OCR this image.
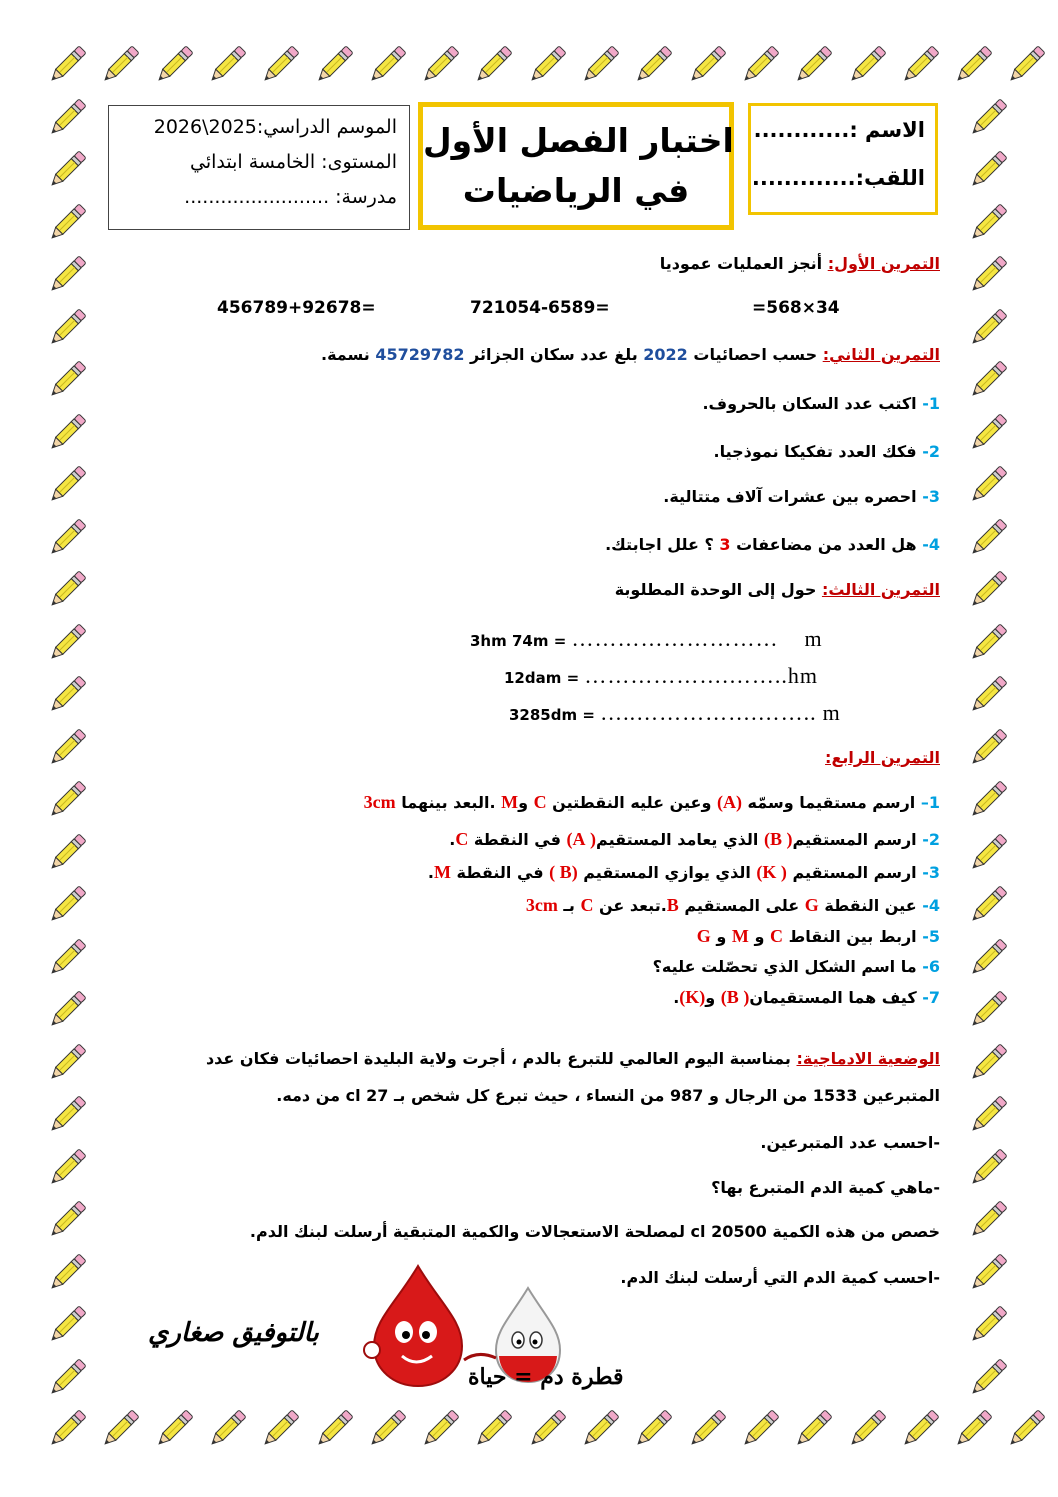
الموسم الدراسي:2025\2026
المستوى: الخامسة ابتدائي
مدرسة: ........................
اختبار الفصل الأول
في الرياضيات
الاسم :............
اللقب:.............
التمرين الأول: أنجز العمليات عموديا
=568×34
721054-6589=
456789+92678=
التمرين الثاني: حسب احصائيات 2022 بلغ عدد سكان الجزائر 45729782 نسمة.
1- اكتب عدد السكان بالحروف.
2- فكك العدد تفكيكا نموذجيا.
3- احصره بين عشرات آلاف متتالية.
4- هل العدد من مضاعفات 3 ؟ علل اجابتك.
التمرين الثالث: حول إلى الوحدة المطلوبة
3hm 74m = ……………………… m
12dam = ……………….……..hm
3285dm = …..…………….…….. m
التمرين الرابع:
1– ارسم مستقيما وسمّه (A) وعين عليه النقطتين C وM .البعد بينهما 3cm
2- ارسم المستقيم( B) الذي يعامد المستقيم( A) في النقطة C.
3- ارسم المستقيم ( K) الذي يوازي المستقيم (B ) في النقطة M.
4- عين النقطة G على المستقيم B.تبعد عن C بـ 3cm
5- اربط بين النقاط C و M و G
6- ما اسم الشكل الذي تحصّلت عليه؟
7- كيف هما المستقيمان( B) و(K).
الوضعية الادماجية: بمناسبة اليوم العالمي للتبرع بالدم ، أجرت ولاية البليدة احصائيات فكان عدد
المتبرعين 1533 من الرجال و 987 من النساء ، حيث تبرع كل شخص بـ cl 27 من دمه.
-احسب عدد المتبرعين.
-ماهي كمية الدم المتبرع بها؟
خصص من هذه الكمية cl 20500 لمصلحة الاستعجالات والكمية المتبقية أرسلت لبنك الدم.
-احسب كمية الدم التي أرسلت لبنك الدم.
بالتوفيق صغاري
قطرة دم = حياة
